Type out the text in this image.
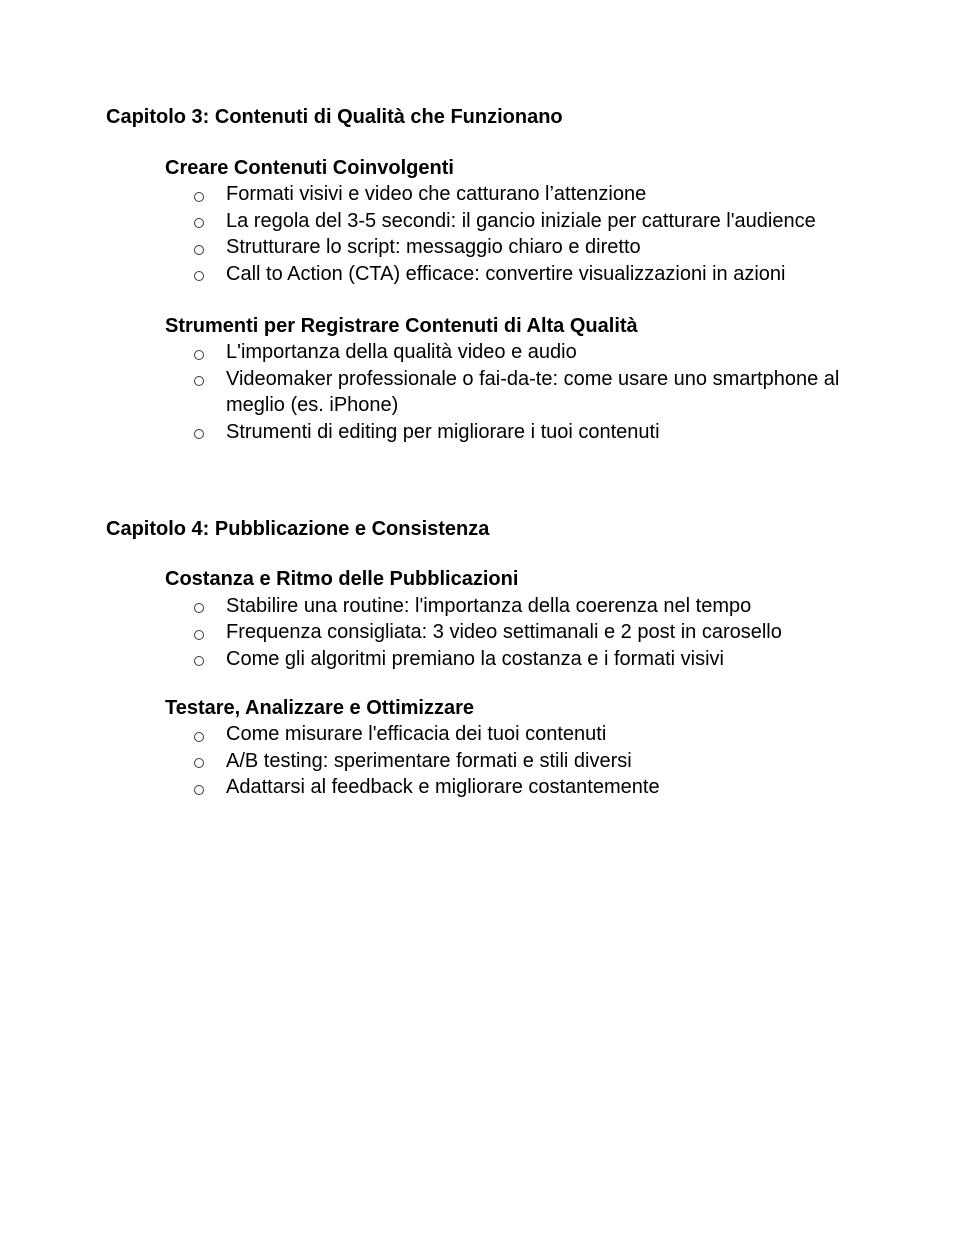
Capitolo 3: Contenuti di Qualità che Funzionano
Creare Contenuti Coinvolgenti
Formati visivi e video che catturano l’attenzione
La regola del 3-5 secondi: il gancio iniziale per catturare l'audience
Strutturare lo script: messaggio chiaro e diretto
Call to Action (CTA) efficace: convertire visualizzazioni in azioni
Strumenti per Registrare Contenuti di Alta Qualità
L'importanza della qualità video e audio
Videomaker professionale o fai-da-te: come usare uno smartphone al meglio (es. iPhone)
Strumenti di editing per migliorare i tuoi contenuti
Capitolo 4: Pubblicazione e Consistenza
Costanza e Ritmo delle Pubblicazioni
Stabilire una routine: l'importanza della coerenza nel tempo
Frequenza consigliata: 3 video settimanali e 2 post in carosello
Come gli algoritmi premiano la costanza e i formati visivi
Testare, Analizzare e Ottimizzare
Come misurare l'efficacia dei tuoi contenuti
A/B testing: sperimentare formati e stili diversi
Adattarsi al feedback e migliorare costantemente
